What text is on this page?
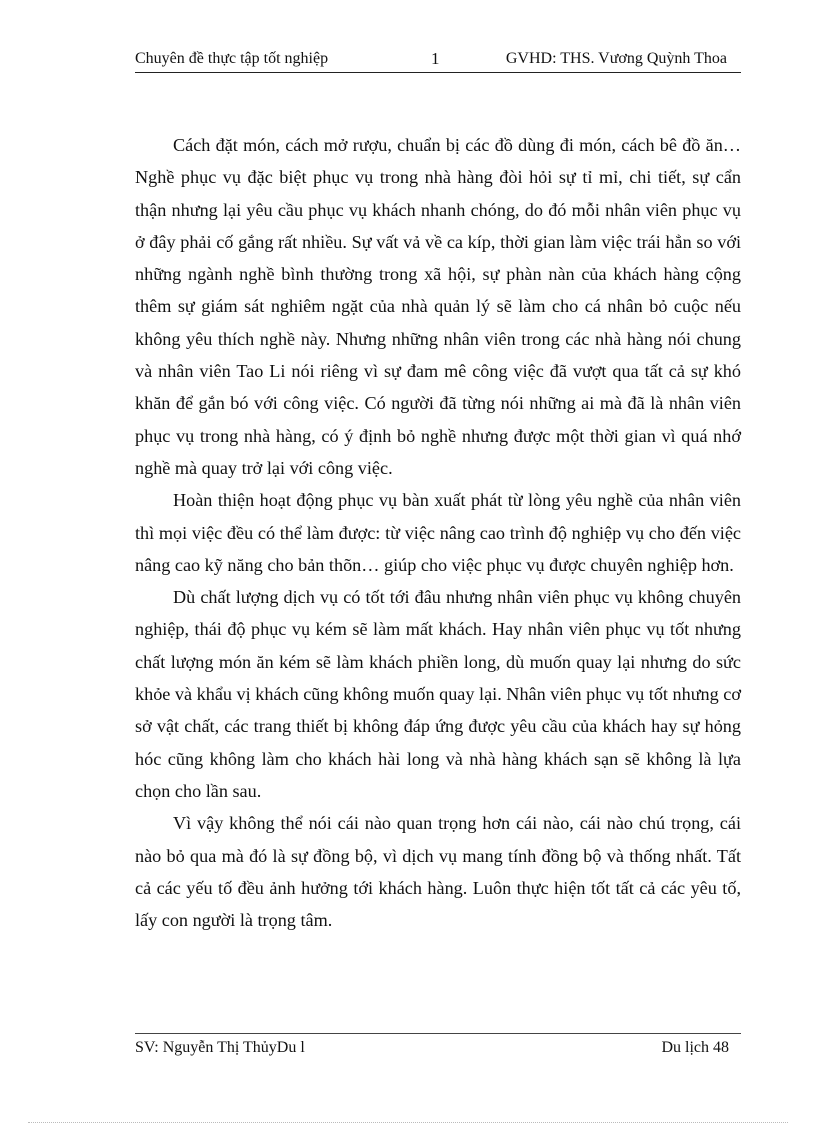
Chuyên đề thực tập tốt nghiệp	1	GVHD: THS. Vương Quỳnh Thoa

Cách đặt món, cách mở rượu, chuẩn bị các đồ dùng đi món, cách bê đồ ăn… Nghề phục vụ đặc biệt phục vụ trong nhà hàng đòi hỏi sự tỉ mỉ, chi tiết, sự cẩn thận nhưng lại yêu cầu phục vụ khách nhanh chóng, do đó mỗi nhân viên phục vụ ở đây phải cố gắng rất nhiều. Sự vất vả về ca kíp, thời gian làm việc trái hẳn so với những ngành nghề bình thường trong xã hội, sự phàn nàn của khách hàng cộng thêm sự giám sát nghiêm ngặt của nhà quản lý sẽ làm cho cá nhân bỏ cuộc nếu không yêu thích nghề này. Nhưng những nhân viên trong các nhà hàng nói chung và nhân viên Tao Li nói riêng vì sự đam mê công việc đã vượt qua tất cả sự khó khăn để gắn bó với công việc. Có người đã từng nói những ai mà đã là nhân viên phục vụ trong nhà hàng, có ý định bỏ nghề nhưng được một thời gian vì quá nhớ nghề mà quay trở lại với công việc.

Hoàn thiện hoạt động phục vụ bàn xuất phát từ lòng yêu nghề của nhân viên thì mọi việc đều có thể làm được: từ việc nâng cao trình độ nghiệp vụ cho đến việc nâng cao kỹ năng cho bản thõn… giúp cho việc phục vụ được chuyên nghiệp hơn.

Dù chất lượng dịch vụ có tốt tới đâu nhưng nhân viên phục vụ không chuyên nghiệp, thái độ phục vụ kém sẽ làm mất khách. Hay nhân viên phục vụ tốt nhưng chất lượng món ăn kém sẽ làm khách phiền long, dù muốn quay lại nhưng do sức khỏe và khẩu vị khách cũng không muốn quay lại. Nhân viên phục vụ tốt nhưng cơ sở vật chất, các trang thiết bị không đáp ứng được yêu cầu của khách hay sự hỏng hóc cũng không làm cho khách hài long và nhà hàng khách sạn sẽ không là lựa chọn cho lần sau.

Vì vậy không thể nói cái nào quan trọng hơn cái nào, cái nào chú trọng, cái nào bỏ qua mà đó là sự đồng bộ, vì dịch vụ mang tính đồng bộ và thống nhất. Tất cả các yếu tố đều ảnh hưởng tới khách hàng. Luôn thực hiện tốt tất cả các yêu tố, lấy con người là trọng tâm.

SV: Nguyễn Thị ThủyDu l	Du lịch 48
